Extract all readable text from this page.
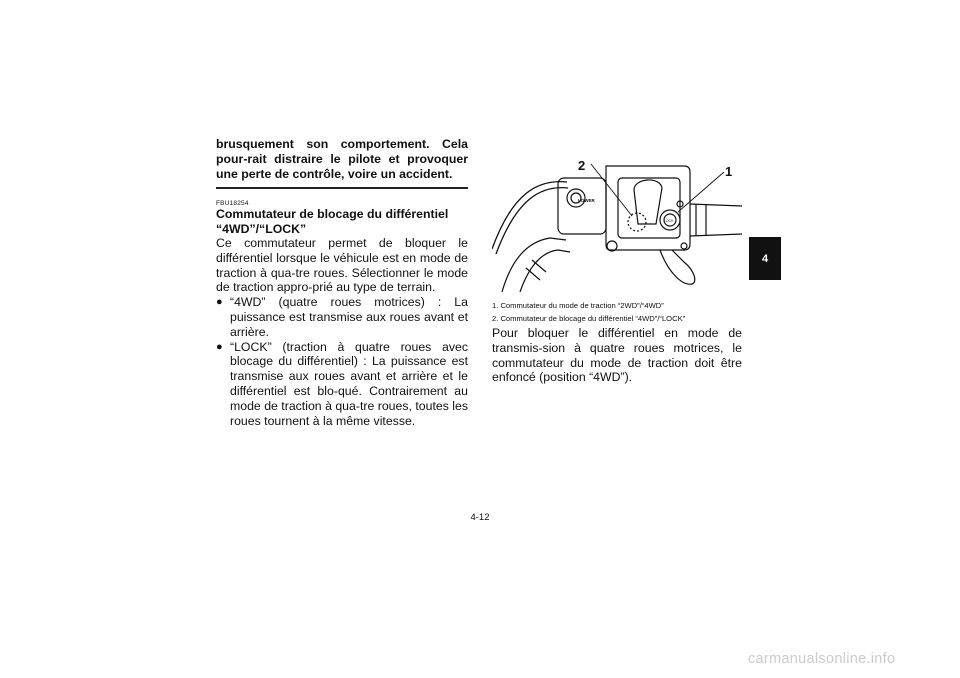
brusquement son comportement. Cela pour-rait distraire le pilote et provoquer une perte de contrôle, voire un accident.

FBU18254
Commutateur de blocage du différentiel
“4WD”/“LOCK”

Ce commutateur permet de bloquer le différentiel lorsque le véhicule est en mode de traction à qua-tre roues. Sélectionner le mode de traction appro-prié au type de terrain.

● “4WD” (quatre roues motrices) : La puissance est transmise aux roues avant et arrière.
● “LOCK” (traction à quatre roues avec blocage du différentiel) : La puissance est transmise aux roues avant et arrière et le différentiel est blo-qué. Contrairement au mode de traction à qua-tre roues, toutes les roues tournent à la même vitesse.
2	1
LOWER
LOCK
1. Commutateur du mode de traction “2WD”/“4WD”
2. Commutateur de blocage du différentiel “4WD”/“LOCK”

Pour bloquer le différentiel en mode de transmis-sion à quatre roues motrices, le commutateur du mode de traction doit être enfoncé (position “4WD”).

4
4-12
carmanualsonline.info
